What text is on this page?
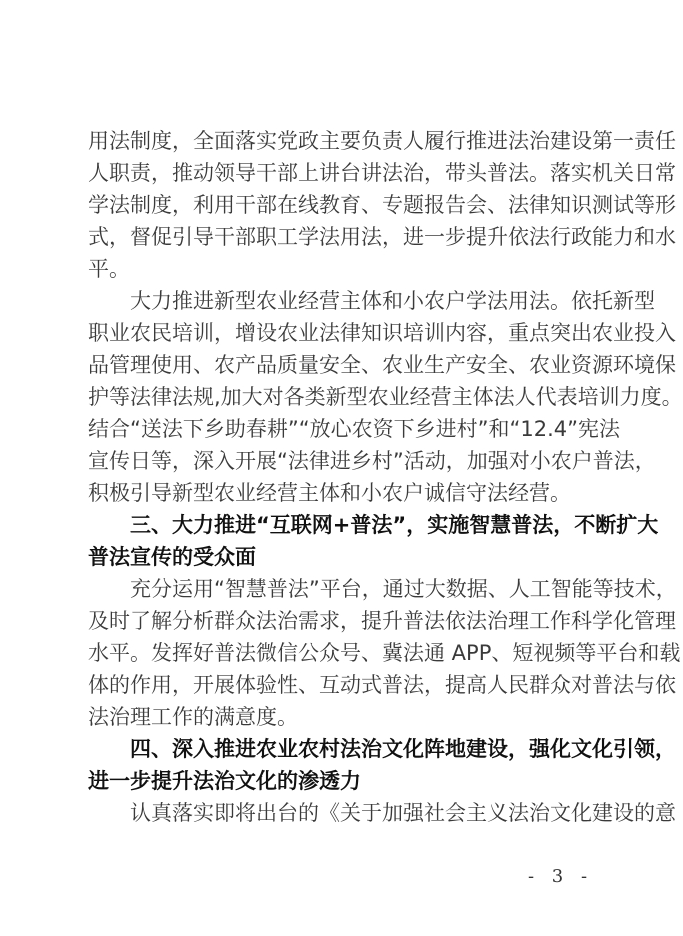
用法制度，全面落实党政主要负责人履行推进法治建设第一责任
人职责，推动领导干部上讲台讲法治，带头普法。落实机关日常
学法制度，利用干部在线教育、专题报告会、法律知识测试等形
式，督促引导干部职工学法用法，进一步提升依法行政能力和水
平。
大力推进新型农业经营主体和小农户学法用法。依托新型
职业农民培训，增设农业法律知识培训内容，重点突出农业投入
品管理使用、农产品质量安全、农业生产安全、农业资源环境保
护等法律法规,加大对各类新型农业经营主体法人代表培训力度。
结合“送法下乡助春耕”“放心农资下乡进村”和“12.4”宪法
宣传日等，深入开展“法律进乡村”活动，加强对小农户普法，
积极引导新型农业经营主体和小农户诚信守法经营。
三、大力推进“互联网+普法”，实施智慧普法，不断扩大
普法宣传的受众面
充分运用“智慧普法”平台，通过大数据、人工智能等技术，
及时了解分析群众法治需求，提升普法依法治理工作科学化管理
水平。发挥好普法微信公众号、冀法通 APP、短视频等平台和载
体的作用，开展体验性、互动式普法，提高人民群众对普法与依
法治理工作的满意度。
四、深入推进农业农村法治文化阵地建设，强化文化引领，
进一步提升法治文化的渗透力
认真落实即将出台的《关于加强社会主义法治文化建设的意
- 3 -
